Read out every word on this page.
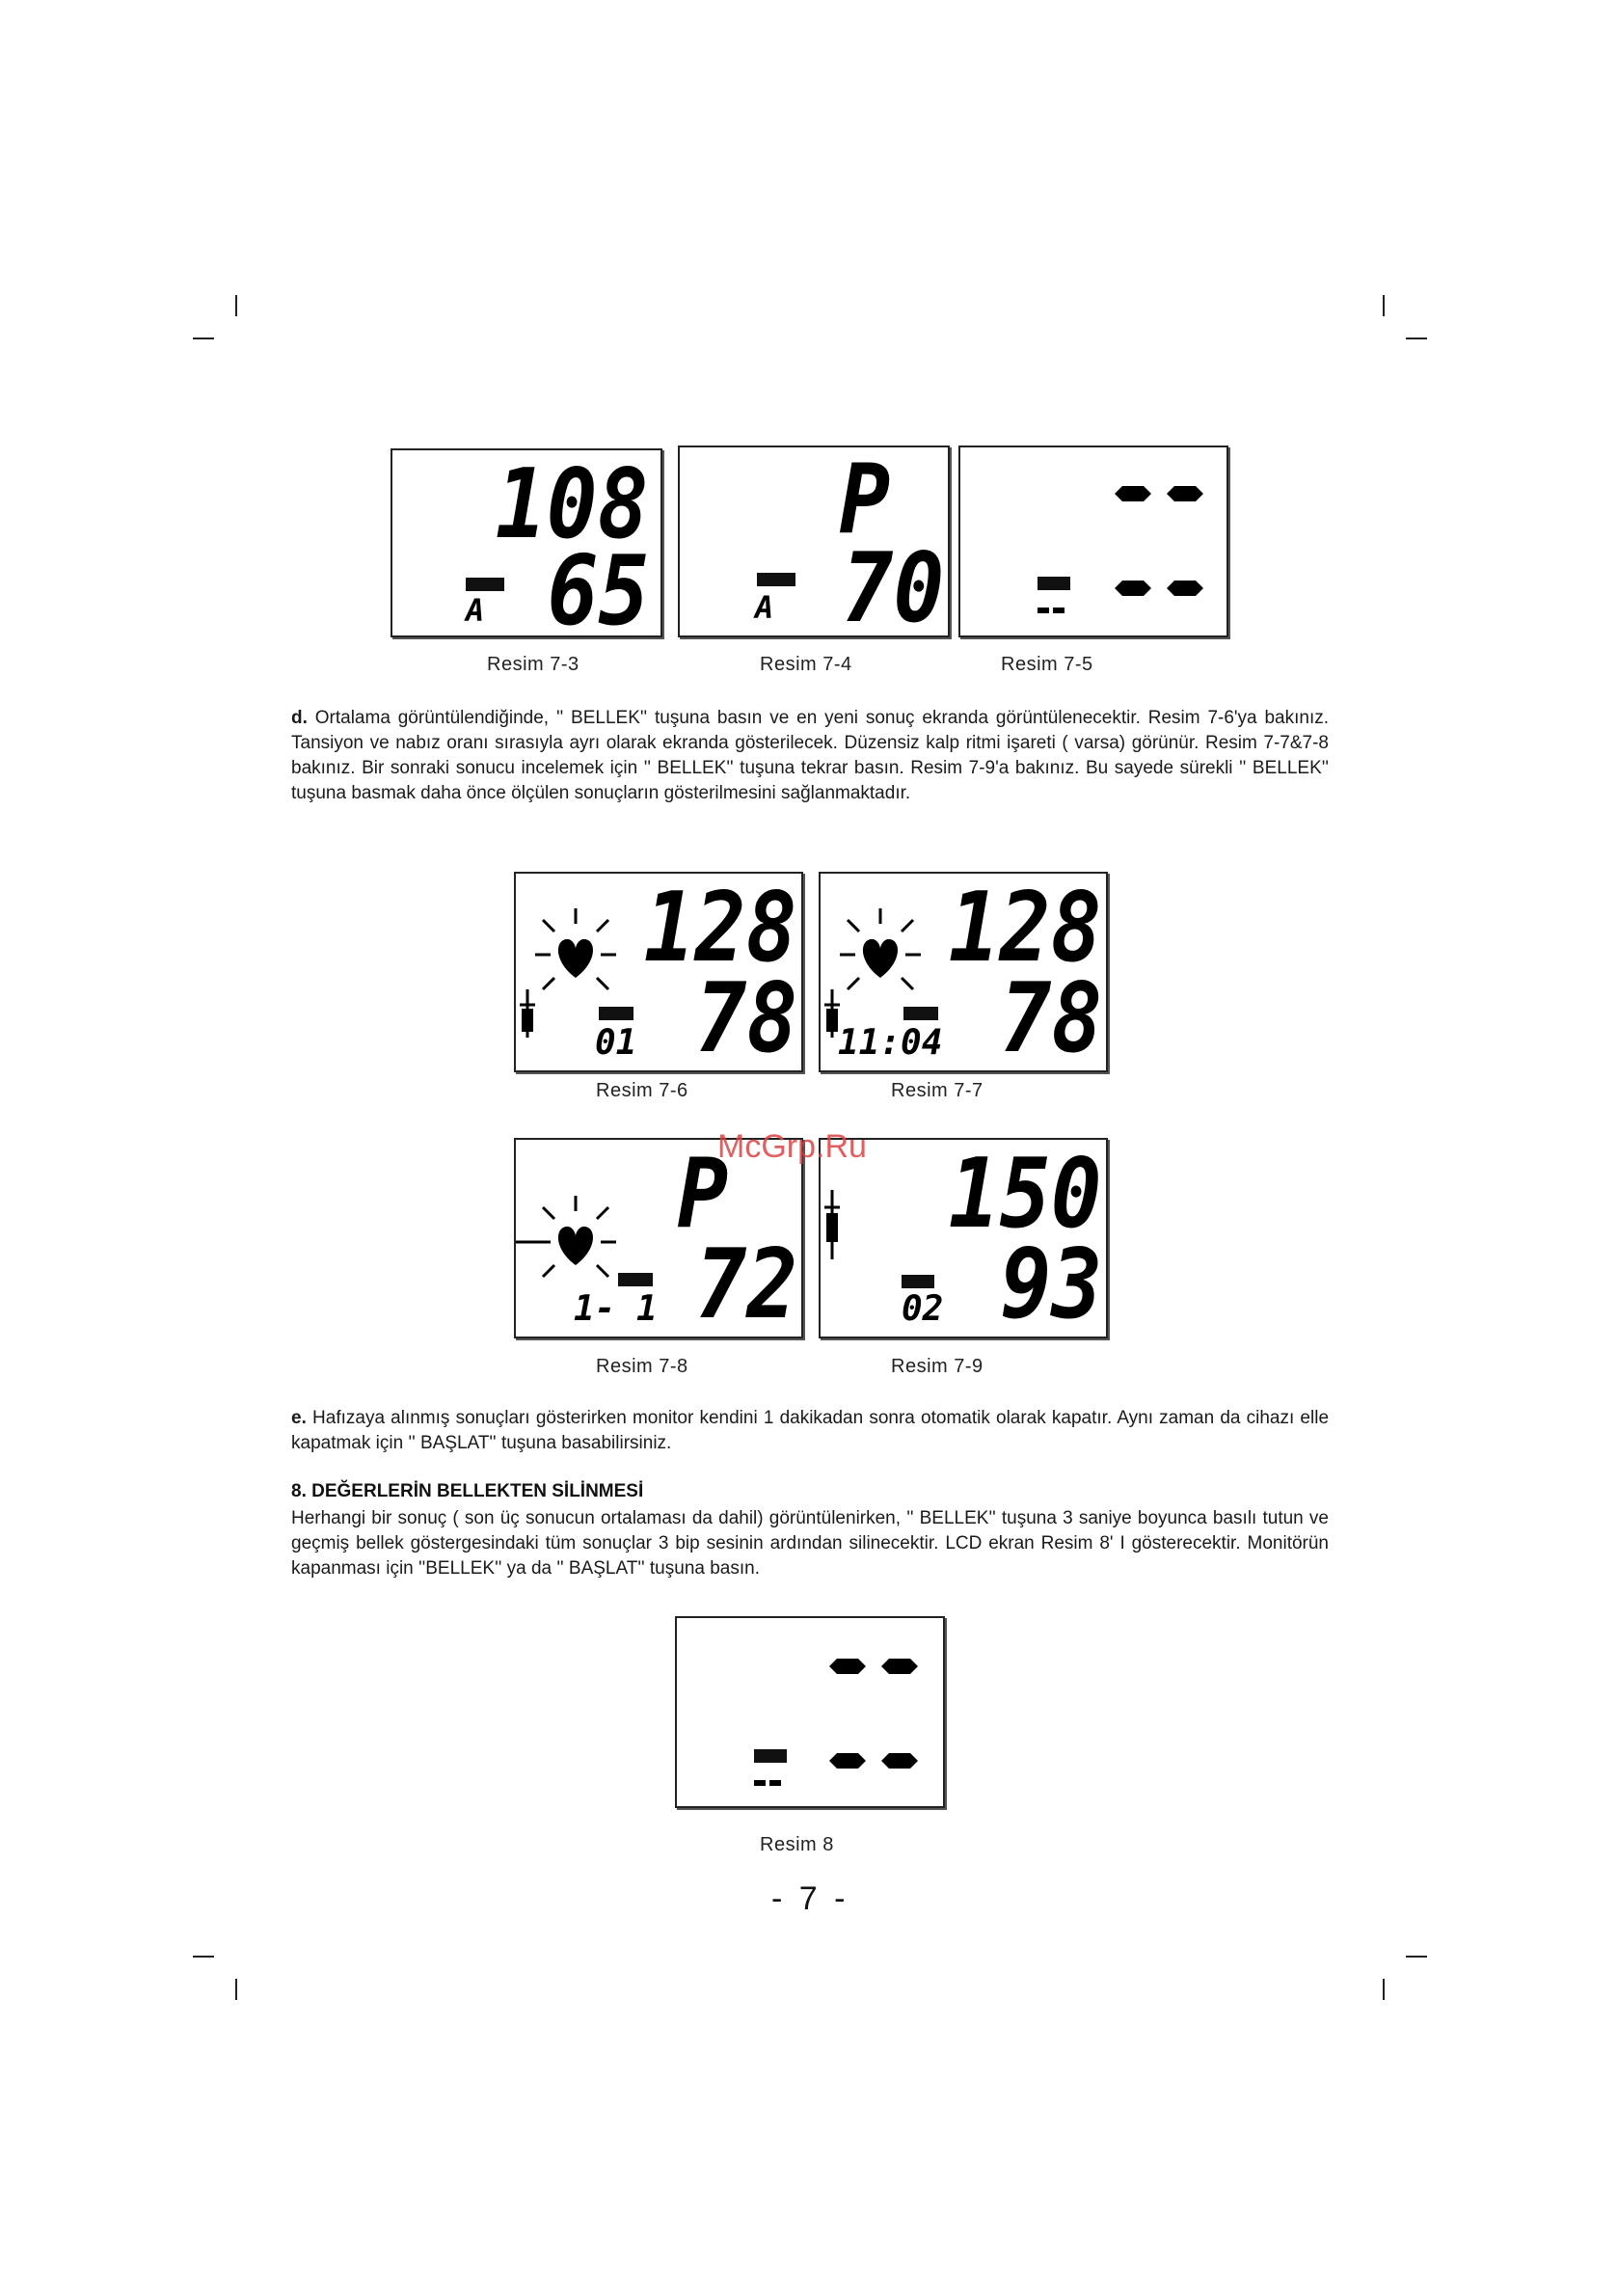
108
A 65
Resim 7-3
P
A 70
Resim 7-4	Resim 7-5
d. Ortalama görüntülendiğinde, '' BELLEK'' tuşuna basın ve en yeni sonuç ekranda görüntülenecektir. Resim 7-6'ya bakınız. Tansiyon ve nabız oranı sırasıyla ayrı olarak ekranda gösterilecek. Düzensiz kalp ritmi işareti ( varsa) görünür. Resim 7-7&7-8 bakınız. Bir sonraki sonucu incelemek için '' BELLEK'' tuşuna tekrar basın. Resim 7-9'a bakınız. Bu sayede sürekli '' BELLEK'' tuşuna basmak daha önce ölçülen sonuçların gösterilmesini sağlanmaktadır.
128
01 78
Resim 7-6
128
11:04 78
Resim 7-7
P
1- 1 72
Resim 7-8
150
02 93
Resim 7-9
McGrp.Ru
e. Hafızaya alınmış sonuçları gösterirken monitor kendini 1 dakikadan sonra otomatik olarak kapatır. Aynı zaman da cihazı elle kapatmak için '' BAŞLAT'' tuşuna basabilirsiniz.
8. DEĞERLERİN BELLEKTEN SİLİNMESİ
Herhangi bir sonuç ( son üç sonucun ortalaması da dahil) görüntülenirken, '' BELLEK'' tuşuna 3 saniye boyunca basılı tutun ve geçmiş bellek göstergesindaki tüm sonuçlar 3 bip sesinin ardından silinecektir. LCD ekran Resim 8' I gösterecektir. Monitörün kapanması için ''BELLEK'' ya da '' BAŞLAT'' tuşuna basın.
Resim 8
- 7 -
